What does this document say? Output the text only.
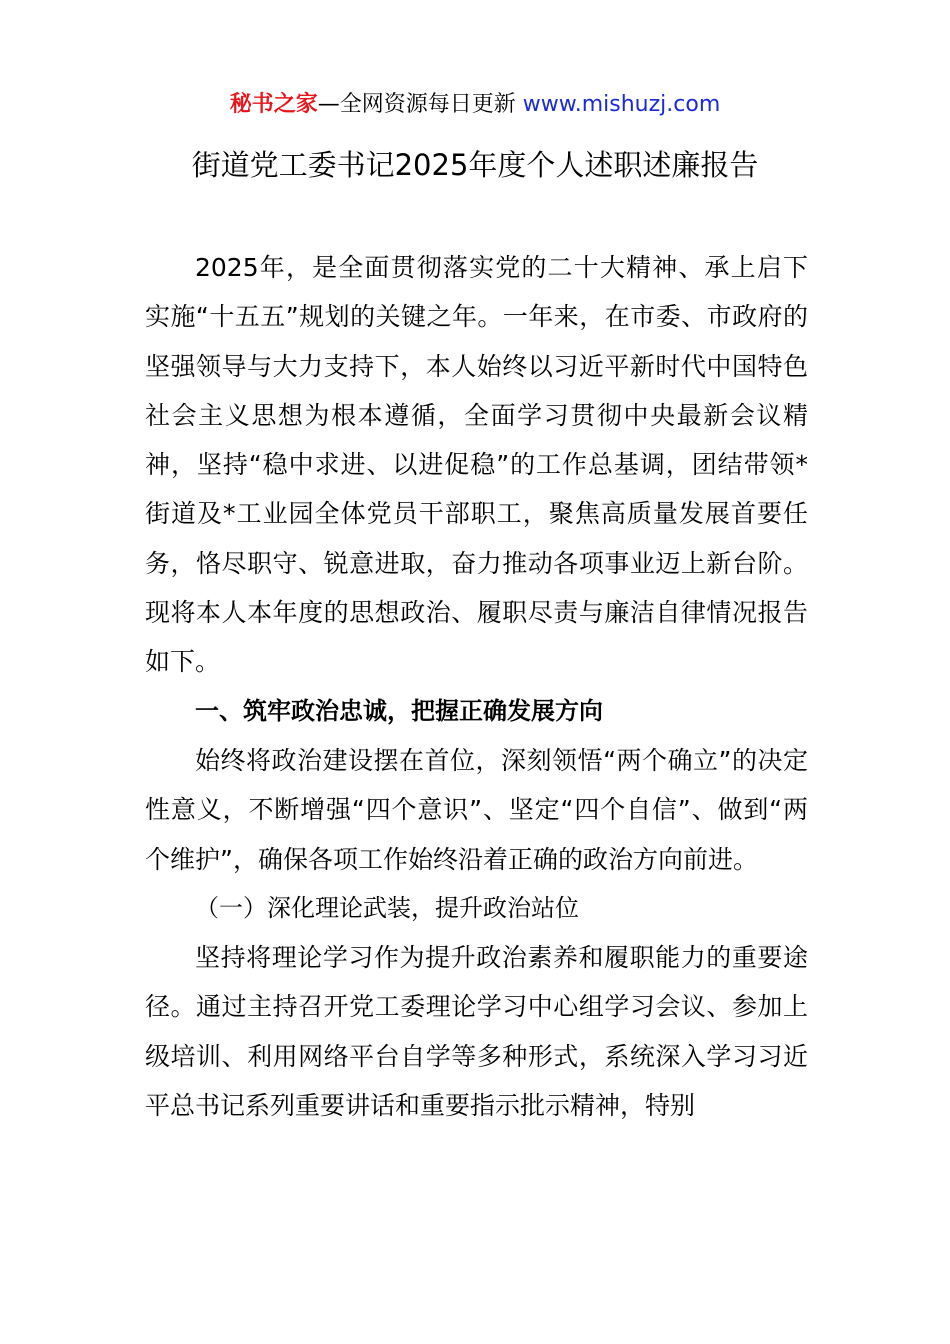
秘书之家—全网资源每日更新 www.mishuzj.com
街道党工委书记2025年度个人述职述廉报告

2025年，是全面贯彻落实党的二十大精神、承上启下实施“十五五”规划的关键之年。一年来，在市委、市政府的坚强领导与大力支持下，本人始终以习近平新时代中国特色社会主义思想为根本遵循，全面学习贯彻中央最新会议精神，坚持“稳中求进、以进促稳”的工作总基调，团结带领*街道及*工业园全体党员干部职工，聚焦高质量发展首要任务，恪尽职守、锐意进取，奋力推动各项事业迈上新台阶。现将本人本年度的思想政治、履职尽责与廉洁自律情况报告如下。

一、筑牢政治忠诚，把握正确发展方向

始终将政治建设摆在首位，深刻领悟“两个确立”的决定性意义，不断增强“四个意识”、坚定“四个自信”、做到“两个维护”，确保各项工作始终沿着正确的政治方向前进。

（一）深化理论武装，提升政治站位

坚持将理论学习作为提升政治素养和履职能力的重要途径。通过主持召开党工委理论学习中心组学习会议、参加上级培训、利用网络平台自学等多种形式，系统深入学习习近平总书记系列重要讲话和重要指示批示精神，特别
